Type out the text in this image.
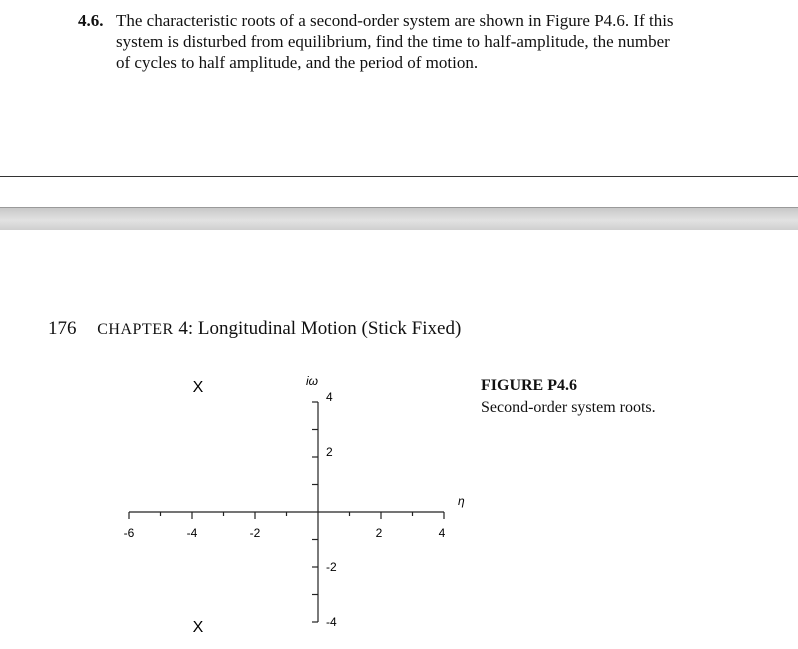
4.6. The characteristic roots of a second-order system are shown in Figure P4.6. If this
system is disturbed from equilibrium, find the time to half-amplitude, the number
of cycles to half amplitude, and the period of motion.
176 CHAPTER 4: Longitudinal Motion (Stick Fixed)
FIGURE P4.6
Second-order system roots.
-6	-4	-2	2	4
4
2
-2
-4
iω
η
X
X
